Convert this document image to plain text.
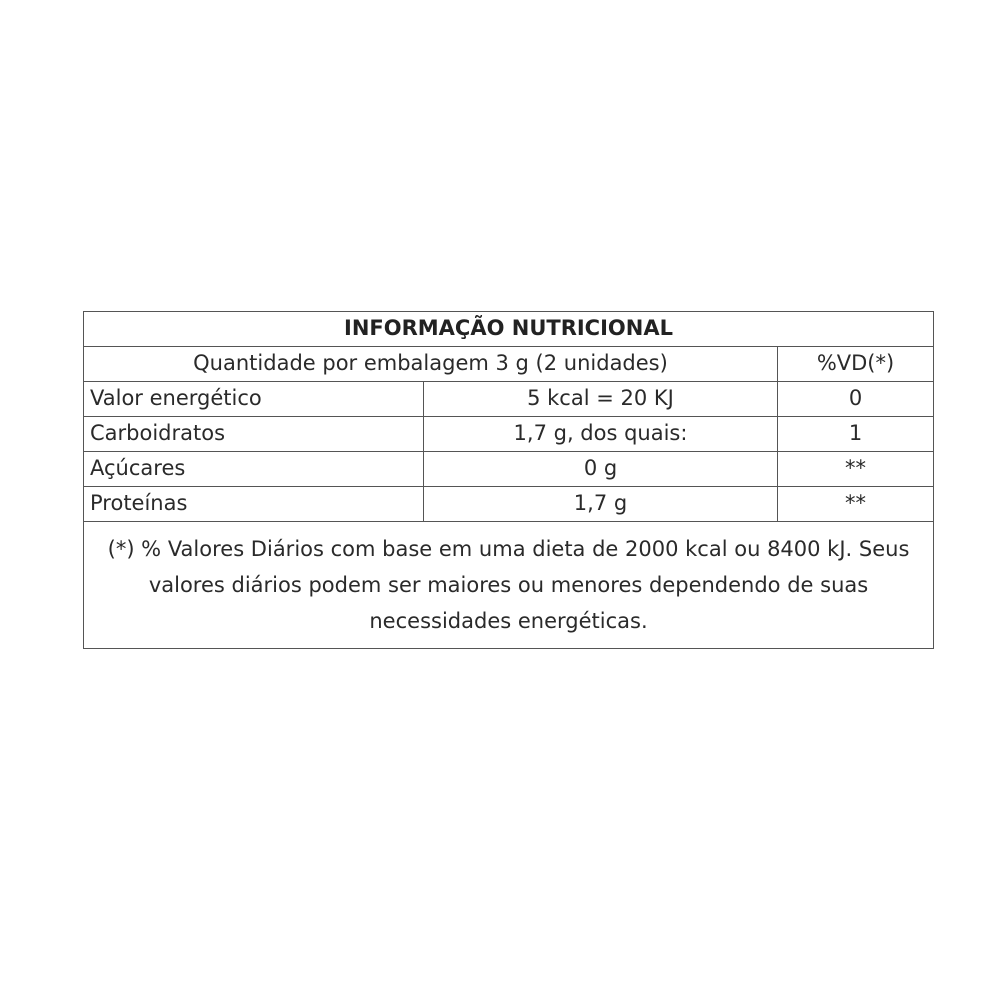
INFORMAÇÃO NUTRICIONAL		
Quantidade por embalagem 3 g (2 unidades)		%VD(*)
Valor energético	5 kcal = 20 KJ	0
Carboidratos	1,7 g, dos quais:	1
Açúcares	0 g	**
Proteínas	1,7 g	**

(*) % Valores Diários com base em uma dieta de 2000 kcal ou 8400 kJ. Seus
valores diários podem ser maiores ou menores dependendo de suas
necessidades energéticas.		
